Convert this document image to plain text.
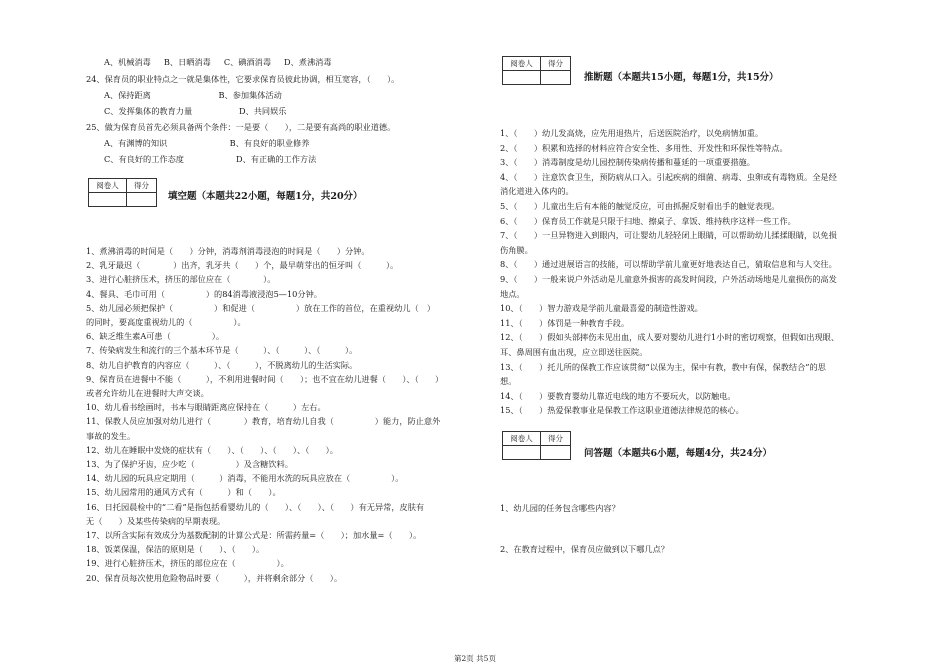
A、机械消毒     B、日晒消毒     C、碘酒消毒     D、煮沸消毒
24、保育员的职业特点之一就是集体性，它要求保育员彼此协调，相互宽容，（　　）。
A、保持距离                          B、参加集体活动
C、发挥集体的教育力量                  D、共同娱乐
25、做为保育员首先必须具备两个条件：一是要（　　），二是要有高尚的职业道德。
A、有渊博的知识                        B、有良好的职业修养
C、有良好的工作态度                    D、有正确的工作方法
阅卷人	得分
填空题（本题共22小题，每题1分，共20分）
1、煮沸消毒的时间是（　　）分钟，消毒剂消毒浸泡的时间是（　　）分钟。
2、乳牙最迟（　　　　）出齐，乳牙共（　　）个，最早萌芽出的恒牙叫（　　　）。
3、进行心脏挤压术，挤压的部位应在（　　　　）。
4、餐具、毛巾可用（　　　　　）的84消毒液浸泡5—10分钟。
5、幼儿园必须把保护（　　　　　）和促进（　　　　　）放在工作的首位，在重视幼儿（　）
的同时，要高度重视幼儿的（　　　　　）。
6、缺乏维生素A可患（　　　　　）。
7、传染病发生和流行的三个基本环节是（　　　）、（　　　）、（　　　）。
8、幼儿自护教育的内容应（　　　）、（　　　），不脱离幼儿的生活实际。
9、保育员在进餐中不能（　　　），不利用进餐时间（　　）；也不宜在幼儿进餐（　　）、（　　）
或者允许幼儿在进餐时大声交谈。
10、幼儿看书绘画时，书本与眼睛距离应保持在（　　　）左右。
11、保教人员应加强对幼儿进行（　　　　）教育，培育幼儿自我（　　　　　）能力，防止意外
事故的发生。
12、幼儿在睡眠中发烧的症状有（　　）、（　　）、（　　）、（　　）。
13、为了保护牙齿，应少吃（　　　　　）及含糖饮料。
14、幼儿园的玩具应定期用（　　　）消毒，不能用水洗的玩具应放在（　　　　　）。
15、幼儿园常用的通风方式有（　　　）和（　　）。
16、日托园晨检中的“二看”是指包括看婴幼儿的（　　）、（　　）、（　　）有无异常，皮肤有
无（　　）及某些传染病的早期表现。
17、以所含实际有效成分为基数配制的计算公式是：所需药量=（　　）；加水量=（　　）。
18、饭菜保温，保洁的原则是（　　）、（　　）。
19、进行心脏挤压术，挤压的部位应在（　　　　　）。
20、保育员每次使用危险物品时要（　　　），并将剩余部分（　　）。
阅卷人	得分
推断题（本题共15小题，每题1分，共15分）
1、（　　）幼儿发高烧，应先用退热片，后送医院治疗，以免病情加重。
2、（　　）积累和选择的材料应符合安全性、多用性、开发性和环保性等特点。
3、（　　）消毒制度是幼儿园控制传染病传播和蔓延的一项重要措施。
4、（　　）注意饮食卫生，预防病从口入。引起疾病的细菌、病毒、虫卵或有毒物质。全是经
消化道进入体内的。
5、（　　）儿童出生后有本能的触觉反应，可由抓握反射看出手的触觉表现。
6、（　　）保育员工作就是只限于扫地、擦桌子、拿饭、维持秩序这样一些工作。
7、（　　）一旦异物进入到眼内，可让婴幼儿轻轻闭上眼睛，可以帮助幼儿揉揉眼睛，以免损
伤角膜。
8、（　　）通过进展语言的技能，可以帮助学前儿童更好地表达自己，猜取信息和与人交往。
9、（　　）一般来说户外活动是儿童意外损害的高发时间段，户外活动场地是儿童损伤的高发
地点。
10、（　　）智力游戏是学前儿童最喜爱的制造性游戏。
11、（　　）体罚是一种教育手段。
12、（　　）假如头部摔伤未见出血，成人要对婴幼儿进行1小时的密切观察，但假如出现眼、
耳、鼻周围有血出现，应立即送往医院。
13、（　　）托儿所的保教工作应该贯彻“以保为主，保中有教，教中有保，保教结合”的思
想。
14、（　　）要教育婴幼儿靠近电线的地方不要玩火，以防触电。
15、（　　）热爱保教事业是保教工作这职业道德法律规范的核心。
阅卷人	得分
问答题（本题共6小题，每题4分，共24分）
1、幼儿园的任务包含哪些内容？
2、在教育过程中，保育员应做到以下哪几点？
第2页 共5页
